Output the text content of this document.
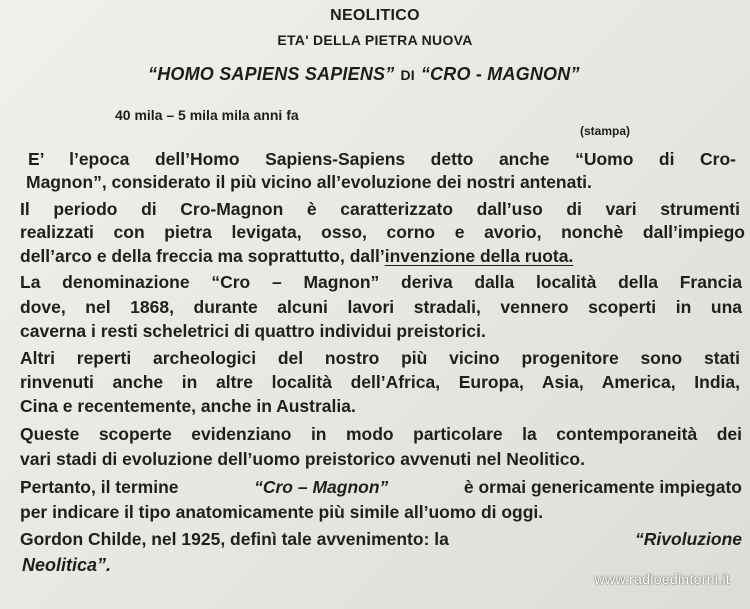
NEOLITICO
ETA' DELLA PIETRA NUOVA
“HOMO SAPIENS SAPIENS” DI “CRO - MAGNON”
40 mila – 5 mila mila anni fa
(stampa)
E’ l’epoca dell’Homo Sapiens-Sapiens detto anche “Uomo di Cro-
Magnon”, considerato il più vicino all’evoluzione dei nostri antenati.
Il periodo di Cro-Magnon è caratterizzato dall’uso di vari strumenti
realizzati con pietra levigata, osso, corno e avorio, nonchè dall’impiego
dell’arco e della freccia ma soprattutto, dall’invenzione della ruota.
La denominazione “Cro – Magnon” deriva dalla località della Francia
dove, nel 1868, durante alcuni lavori stradali, vennero scoperti in una
caverna i resti scheletrici di quattro individui preistorici.
Altri reperti archeologici del nostro più vicino progenitore sono stati
rinvenuti anche in altre località dell’Africa, Europa, Asia, America, India,
Cina e recentemente, anche in Australia.
Queste scoperte evidenziano in modo particolare la contemporaneità dei
vari stadi di evoluzione dell’uomo preistorico avvenuti nel Neolitico.
Pertanto, il termine	“Cro – Magnon”	è ormai genericamente impiegato
per indicare il tipo anatomicamente più simile all’uomo di oggi.
Gordon Childe, nel 1925, definì tale avvenimento: la	“Rivoluzione
Neolitica”.
www.radioedintorni.it
